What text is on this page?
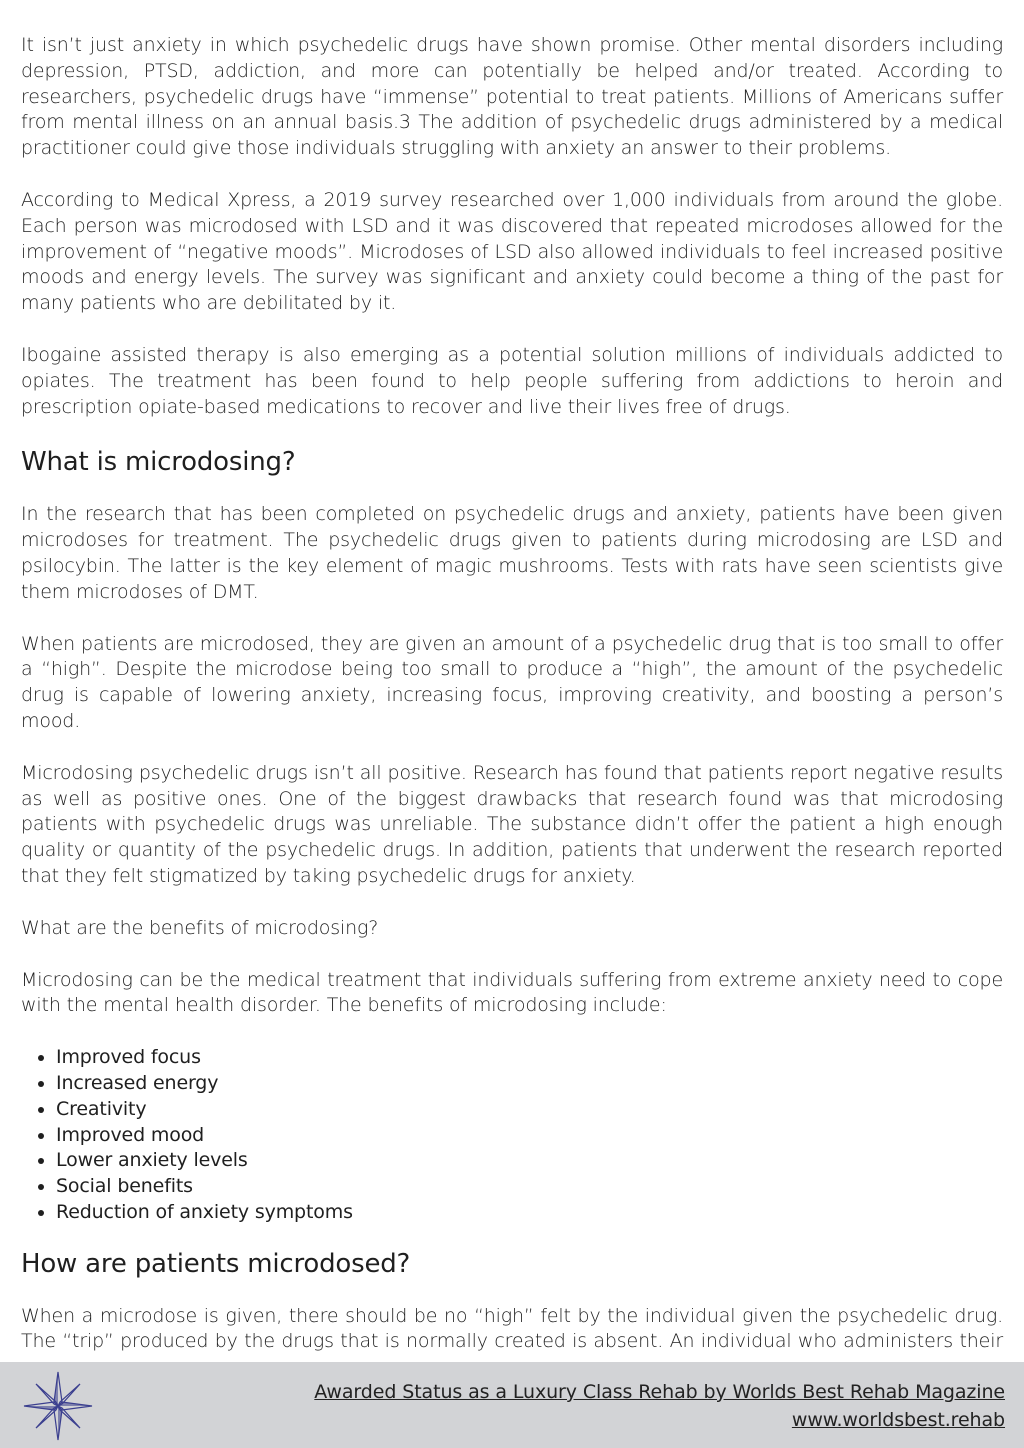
It isn’t just anxiety in which psychedelic drugs have shown promise. Other mental disorders including depression, PTSD, addiction, and more can potentially be helped and/or treated. According to researchers, psychedelic drugs have “immense” potential to treat patients. Millions of Americans suffer from mental illness on an annual basis.3 The addition of psychedelic drugs administered by a medical practitioner could give those individuals struggling with anxiety an answer to their problems.

According to Medical Xpress, a 2019 survey researched over 1,000 individuals from around the globe. Each person was microdosed with LSD and it was discovered that repeated microdoses allowed for the improvement of “negative moods”. Microdoses of LSD also allowed individuals to feel increased positive moods and energy levels. The survey was significant and anxiety could become a thing of the past for many patients who are debilitated by it.

Ibogaine assisted therapy is also emerging as a potential solution millions of individuals addicted to opiates. The treatment has been found to help people suffering from addictions to heroin and prescription opiate-based medications to recover and live their lives free of drugs.

What is microdosing?

In the research that has been completed on psychedelic drugs and anxiety, patients have been given microdoses for treatment. The psychedelic drugs given to patients during microdosing are LSD and psilocybin. The latter is the key element of magic mushrooms. Tests with rats have seen scientists give them microdoses of DMT.

When patients are microdosed, they are given an amount of a psychedelic drug that is too small to offer a “high”. Despite the microdose being too small to produce a “high”, the amount of the psychedelic drug is capable of lowering anxiety, increasing focus, improving creativity, and boosting a person’s mood.

Microdosing psychedelic drugs isn’t all positive. Research has found that patients report negative results as well as positive ones. One of the biggest drawbacks that research found was that microdosing patients with psychedelic drugs was unreliable. The substance didn’t offer the patient a high enough quality or quantity of the psychedelic drugs. In addition, patients that underwent the research reported that they felt stigmatized by taking psychedelic drugs for anxiety.

What are the benefits of microdosing?

Microdosing can be the medical treatment that individuals suffering from extreme anxiety need to cope with the mental health disorder. The benefits of microdosing include:

• Improved focus
• Increased energy
• Creativity
• Improved mood
• Lower anxiety levels
• Social benefits
• Reduction of anxiety symptoms
How are patients microdosed?

When a microdose is given, there should be no “high” felt by the individual given the psychedelic drug. The “trip” produced by the drugs that is normally created is absent. An individual who administers their

Awarded Status as a Luxury Class Rehab by Worlds Best Rehab Magazine
www.worldsbest.rehab
